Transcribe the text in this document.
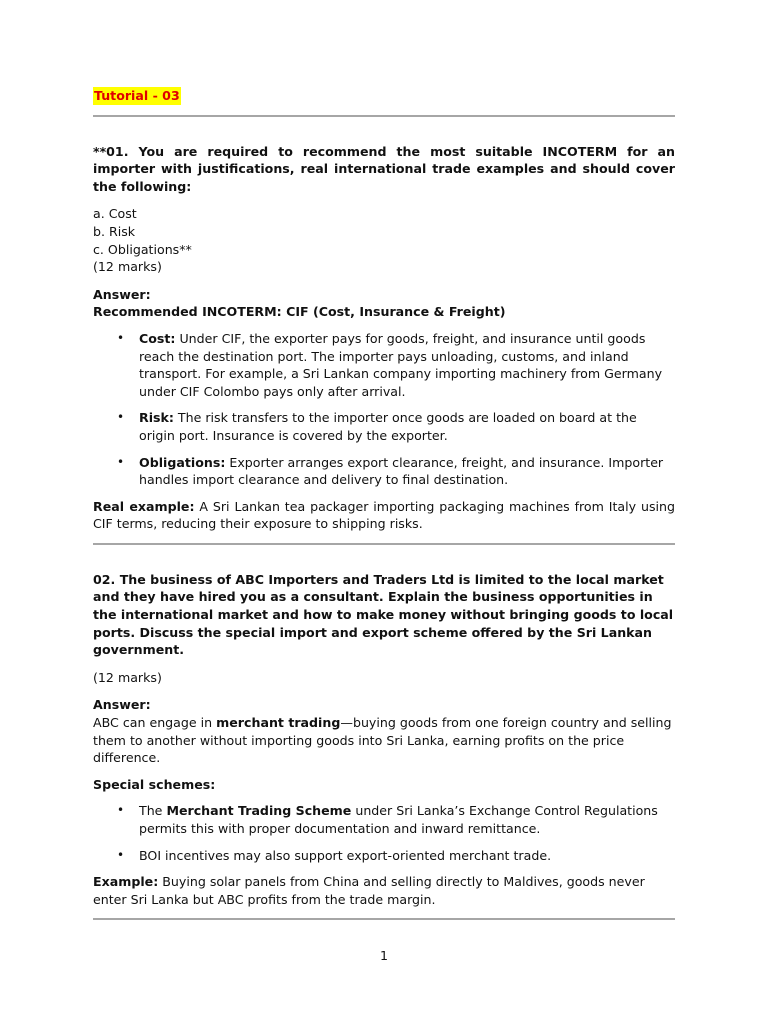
Tutorial - 03

**01. You are required to recommend the most suitable INCOTERM for an importer with justifications, real international trade examples and should cover the following:

a. Cost
b. Risk
c. Obligations**
(12 marks)

Answer:

Recommended INCOTERM: CIF (Cost, Insurance & Freight)

• Cost: Under CIF, the exporter pays for goods, freight, and insurance until goods reach the destination port. The importer pays unloading, customs, and inland transport. For example, a Sri Lankan company importing machinery from Germany under CIF Colombo pays only after arrival.
• Risk: The risk transfers to the importer once goods are loaded on board at the origin port. Insurance is covered by the exporter.
• Obligations: Exporter arranges export clearance, freight, and insurance. Importer handles import clearance and delivery to final destination.

Real example: A Sri Lankan tea packager importing packaging machines from Italy using CIF terms, reducing their exposure to shipping risks.

02. The business of ABC Importers and Traders Ltd is limited to the local market and they have hired you as a consultant. Explain the business opportunities in the international market and how to make money without bringing goods to local ports. Discuss the special import and export scheme offered by the Sri Lankan government.

(12 marks)

Answer:

ABC can engage in merchant trading—buying goods from one foreign country and selling them to another without importing goods into Sri Lanka, earning profits on the price difference.

Special schemes:

• The Merchant Trading Scheme under Sri Lanka’s Exchange Control Regulations permits this with proper documentation and inward remittance.
• BOI incentives may also support export-oriented merchant trade.

Example: Buying solar panels from China and selling directly to Maldives, goods never enter Sri Lanka but ABC profits from the trade margin.

1
